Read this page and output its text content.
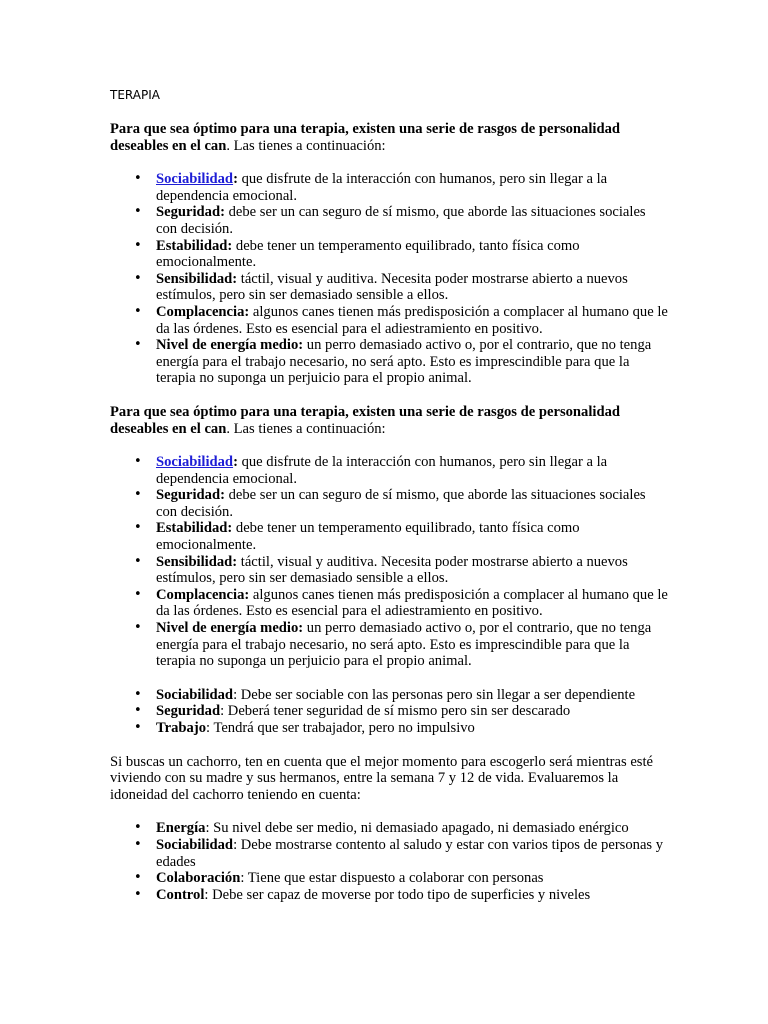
TERAPIA

Para que sea óptimo para una terapia, existen una serie de rasgos de personalidad deseables en el can. Las tienes a continuación:

• Sociabilidad: que disfrute de la interacción con humanos, pero sin llegar a la dependencia emocional.
• Seguridad: debe ser un can seguro de sí mismo, que aborde las situaciones sociales con decisión.
• Estabilidad: debe tener un temperamento equilibrado, tanto física como emocionalmente.
• Sensibilidad: táctil, visual y auditiva. Necesita poder mostrarse abierto a nuevos estímulos, pero sin ser demasiado sensible a ellos.
• Complacencia: algunos canes tienen más predisposición a complacer al humano que le da las órdenes. Esto es esencial para el adiestramiento en positivo.
• Nivel de energía medio: un perro demasiado activo o, por el contrario, que no tenga energía para el trabajo necesario, no será apto. Esto es imprescindible para que la terapia no suponga un perjuicio para el propio animal.

Para que sea óptimo para una terapia, existen una serie de rasgos de personalidad deseables en el can. Las tienes a continuación:

• Sociabilidad: que disfrute de la interacción con humanos, pero sin llegar a la dependencia emocional.
• Seguridad: debe ser un can seguro de sí mismo, que aborde las situaciones sociales con decisión.
• Estabilidad: debe tener un temperamento equilibrado, tanto física como emocionalmente.
• Sensibilidad: táctil, visual y auditiva. Necesita poder mostrarse abierto a nuevos estímulos, pero sin ser demasiado sensible a ellos.
• Complacencia: algunos canes tienen más predisposición a complacer al humano que le da las órdenes. Esto es esencial para el adiestramiento en positivo.
• Nivel de energía medio: un perro demasiado activo o, por el contrario, que no tenga energía para el trabajo necesario, no será apto. Esto es imprescindible para que la terapia no suponga un perjuicio para el propio animal.
• Sociabilidad: Debe ser sociable con las personas pero sin llegar a ser dependiente
• Seguridad: Deberá tener seguridad de sí mismo pero sin ser descarado
• Trabajo: Tendrá que ser trabajador, pero no impulsivo

Si buscas un cachorro, ten en cuenta que el mejor momento para escogerlo será mientras esté viviendo con su madre y sus hermanos, entre la semana 7 y 12 de vida. Evaluaremos la idoneidad del cachorro teniendo en cuenta:

• Energía: Su nivel debe ser medio, ni demasiado apagado, ni demasiado enérgico
• Sociabilidad: Debe mostrarse contento al saludo y estar con varios tipos de personas y edades
• Colaboración: Tiene que estar dispuesto a colaborar con personas
• Control: Debe ser capaz de moverse por todo tipo de superficies y niveles
